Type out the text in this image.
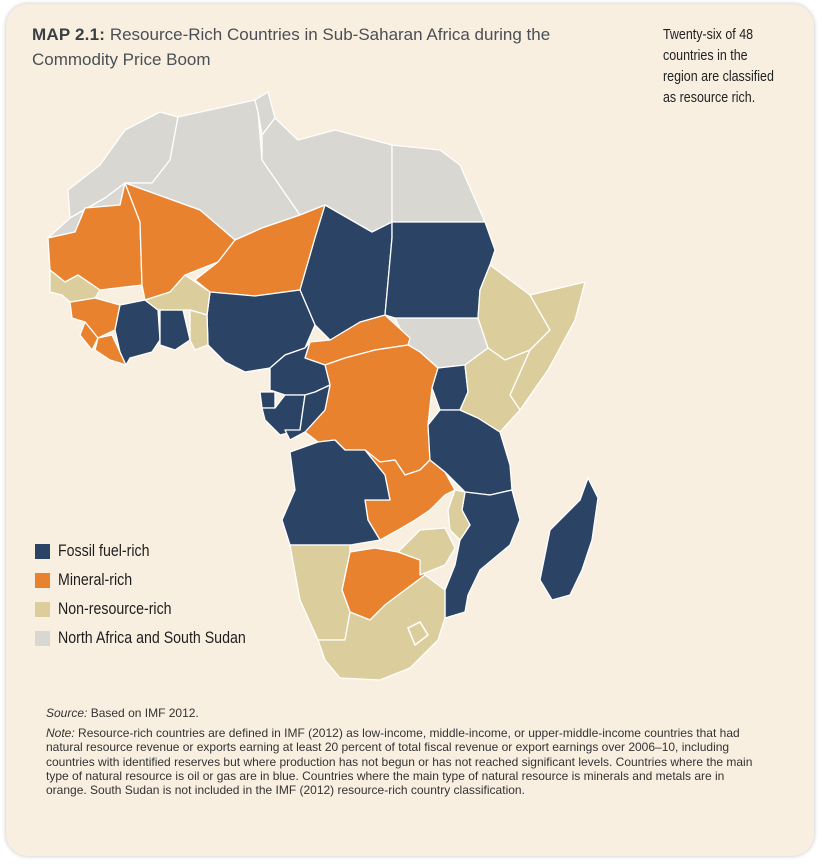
MAP 2.1: Resource-Rich Countries in Sub-Saharan Africa during the Commodity Price Boom
Twenty-six of 48 countries in the region are classified as resource rich.
Fossil fuel-rich
Mineral-rich
Non-resource-rich
North Africa and South Sudan
Source: Based on IMF 2012.
Note: Resource-rich countries are defined in IMF (2012) as low-income, middle-income, or upper-middle-income countries that had natural resource revenue or exports earning at least 20 percent of total fiscal revenue or export earnings over 2006–10, including countries with identified reserves but where production has not begun or has not reached significant levels. Countries where the main type of natural resource is oil or gas are in blue. Countries where the main type of natural resource is minerals and metals are in orange. South Sudan is not included in the IMF (2012) resource-rich country classification.
